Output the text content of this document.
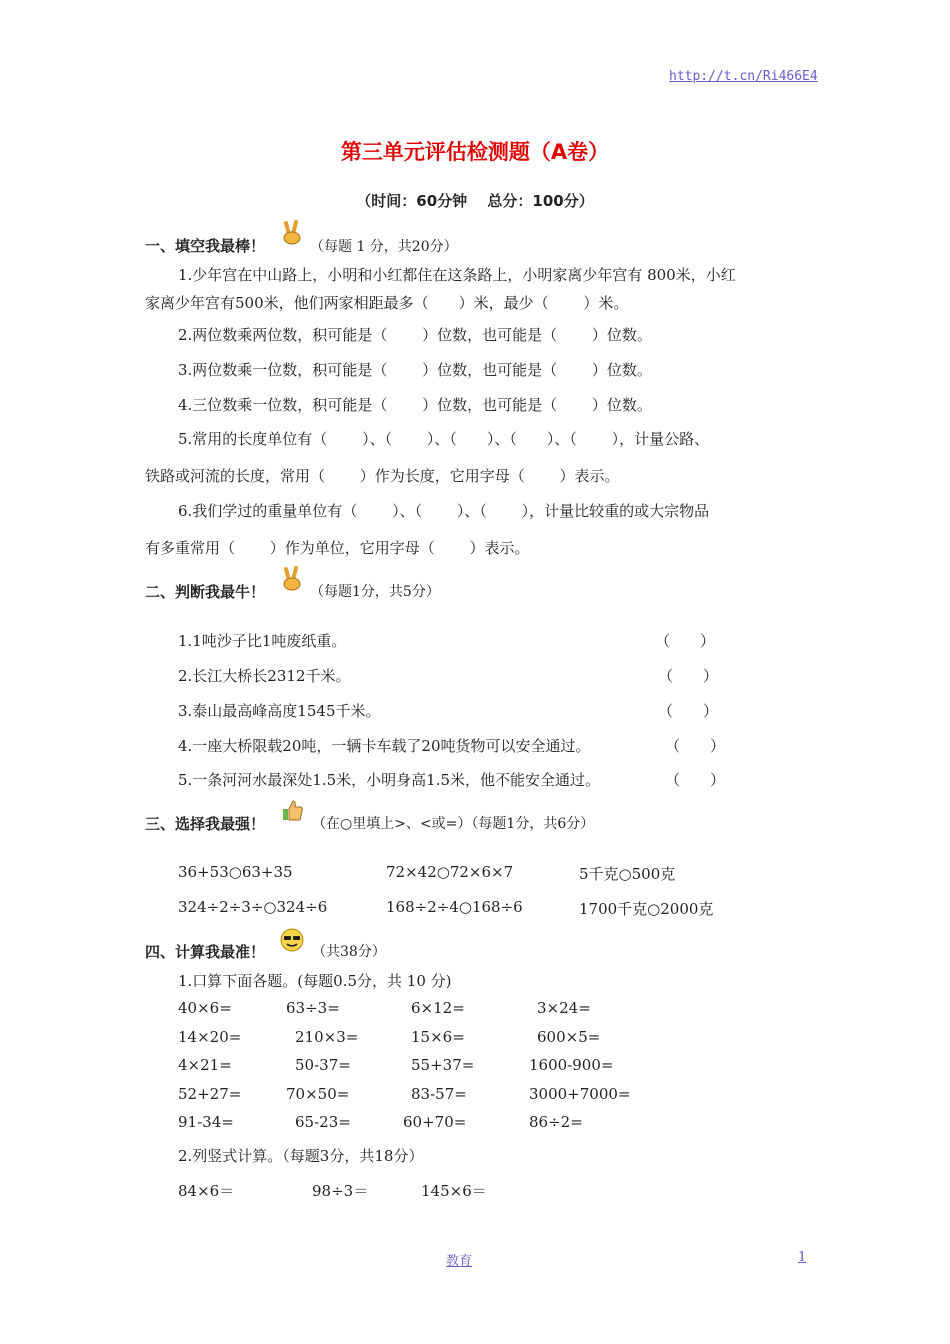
http://t.cn/Ri466E4
第三单元评估检测题（A卷）
（时间：60分钟　 总分：100分）
一、填空我最棒！	（每题 1 分，共20分）
1.少年宫在中山路上，小明和小红都住在这条路上，小明家离少年宫有 800米，小红
家离少年宫有500米，他们两家相距最多（　　）米，最少（　　 ）米。
2.两位数乘两位数，积可能是（　　 ）位数，也可能是（　　 ）位数。
3.两位数乘一位数，积可能是（　　 ）位数，也可能是（　　 ）位数。
4.三位数乘一位数，积可能是（　　 ）位数，也可能是（　　 ）位数。
5.常用的长度单位有（　　 ）、（　　 ）、（　　）、（　　）、（　　 ），计量公路、
铁路或河流的长度，常用（　　 ）作为长度，它用字母（　　 ）表示。
6.我们学过的重量单位有（　　 ）、（　　 ）、（　　 ），计量比较重的或大宗物品
有多重常用（　　 ）作为单位，它用字母（　　 ）表示。
二、判断我最牛！	（每题1分，共5分）
1.1吨沙子比1吨废纸重。	（　　）
2.长江大桥长2312千米。	（　　）
3.泰山最高峰高度1545千米。	（　　）
4.一座大桥限载20吨，一辆卡车载了20吨货物可以安全通过。	（　　）
5.一条河河水最深处1.5米，小明身高1.5米，他不能安全通过。	（　　）
三、选择我最强！	（在○里填上>、<或=）（每题1分，共6分）
36+53○63+35	72×42○72×6×7	5千克○500克
324÷2÷3÷○324÷6	168÷2÷4○168÷6	1700千克○2000克
四、计算我最准！	（共38分）
1.口算下面各题。(每题0.5分，共 10 分)
40×6=	63÷3=	6×12=	3×24=
14×20=	210×3=	15×6=	600×5=
4×21=	50-37=	55+37=	1600-900=
52+27=	70×50=	83-57=	3000+7000=
91-34=	65-23=	60+70=	86÷2=
2.列竖式计算。（每题3分，共18分）
84×6＝	98÷3＝	145×6＝
教育	1
